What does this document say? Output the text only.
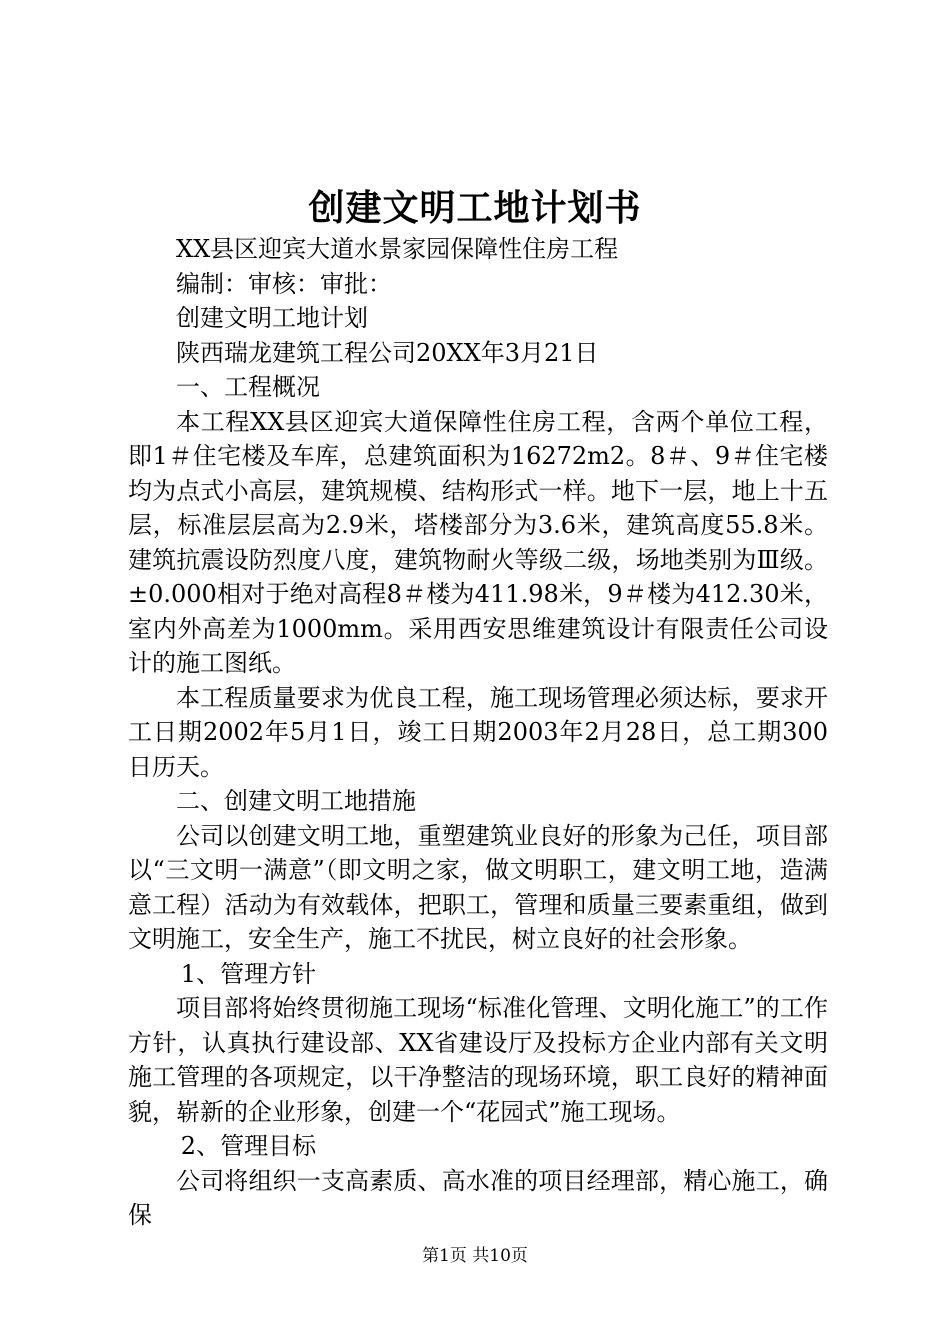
创建文明工地计划书

XX县区迎宾大道水景家园保障性住房工程

编制：审核：审批：

创建文明工地计划

陕西瑞龙建筑工程公司20XX年3月21日

一、工程概况

本工程XX县区迎宾大道保障性住房工程，含两个单位工程，即1＃住宅楼及车库，总建筑面积为16272m2。8＃、9＃住宅楼均为点式小高层，建筑规模、结构形式一样。地下一层，地上十五层，标准层层高为2.9米，塔楼部分为3.6米，建筑高度55.8米。建筑抗震设防烈度八度，建筑物耐火等级二级，场地类别为Ⅲ级。±0.000相对于绝对高程8＃楼为411.98米，9＃楼为412.30米，室内外高差为1000mm。采用西安思维建筑设计有限责任公司设计的施工图纸。

本工程质量要求为优良工程，施工现场管理必须达标，要求开工日期2002年5月1日，竣工日期2003年2月28日，总工期300日历天。

二、创建文明工地措施

公司以创建文明工地，重塑建筑业良好的形象为己任，项目部以“三文明一满意”（即文明之家，做文明职工，建文明工地，造满意工程）活动为有效载体，把职工，管理和质量三要素重组，做到文明施工，安全生产，施工不扰民，树立良好的社会形象。

1、管理方针

项目部将始终贯彻施工现场“标准化管理、文明化施工”的工作方针，认真执行建设部、XX省建设厅及投标方企业内部有关文明施工管理的各项规定，以干净整洁的现场环境，职工良好的精神面貌，崭新的企业形象，创建一个“花园式”施工现场。

2、管理目标

公司将组织一支高素质、高水准的项目经理部，精心施工，确保

第1页 共10页
